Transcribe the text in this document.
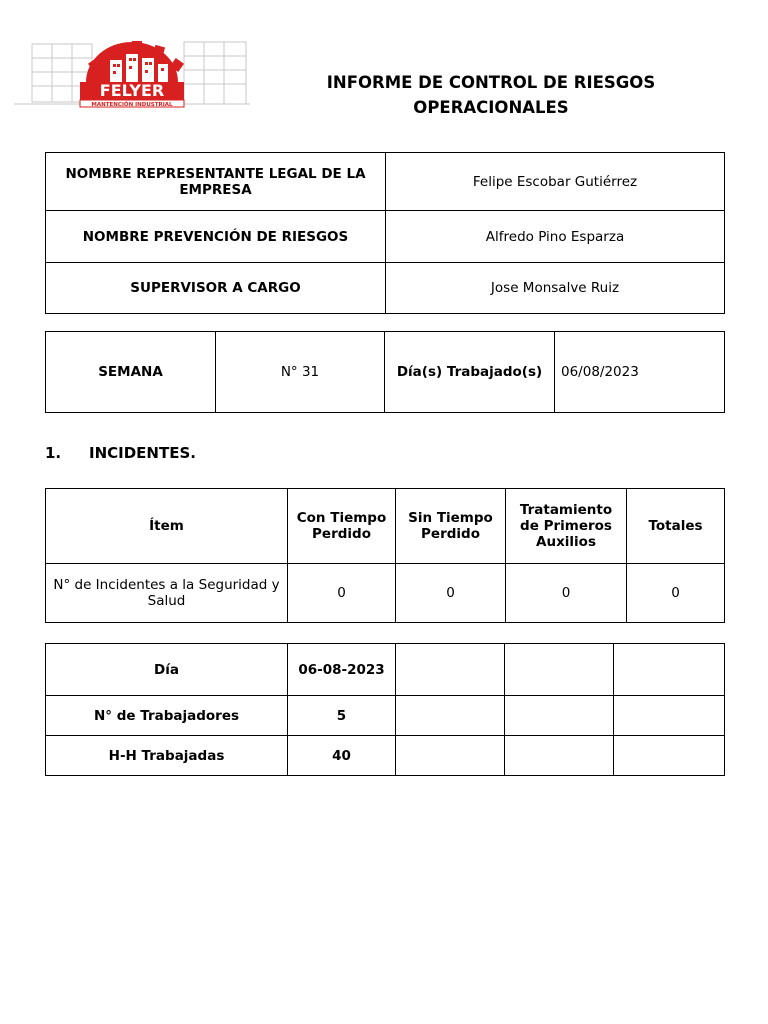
FELYER
MANTENCIÓN INDUSTRIAL
INFORME DE CONTROL DE RIESGOS
OPERACIONALES
NOMBRE REPRESENTANTE LEGAL DE LA EMPRESA	Felipe Escobar Gutiérrez
NOMBRE PREVENCIÓN DE RIESGOS	Alfredo Pino Esparza
SUPERVISOR A CARGO	Jose Monsalve Ruiz
SEMANA	N° 31	Día(s) Trabajado(s)	06/08/2023
1. INCIDENTES.
Ítem	Con Tiempo Perdido	Sin Tiempo Perdido	Tratamiento de Primeros Auxilios	Totales
N° de Incidentes a la Seguridad y Salud	0	0	0	0
Día	06-08-2023			
N° de Trabajadores	5			
H-H Trabajadas	40			
